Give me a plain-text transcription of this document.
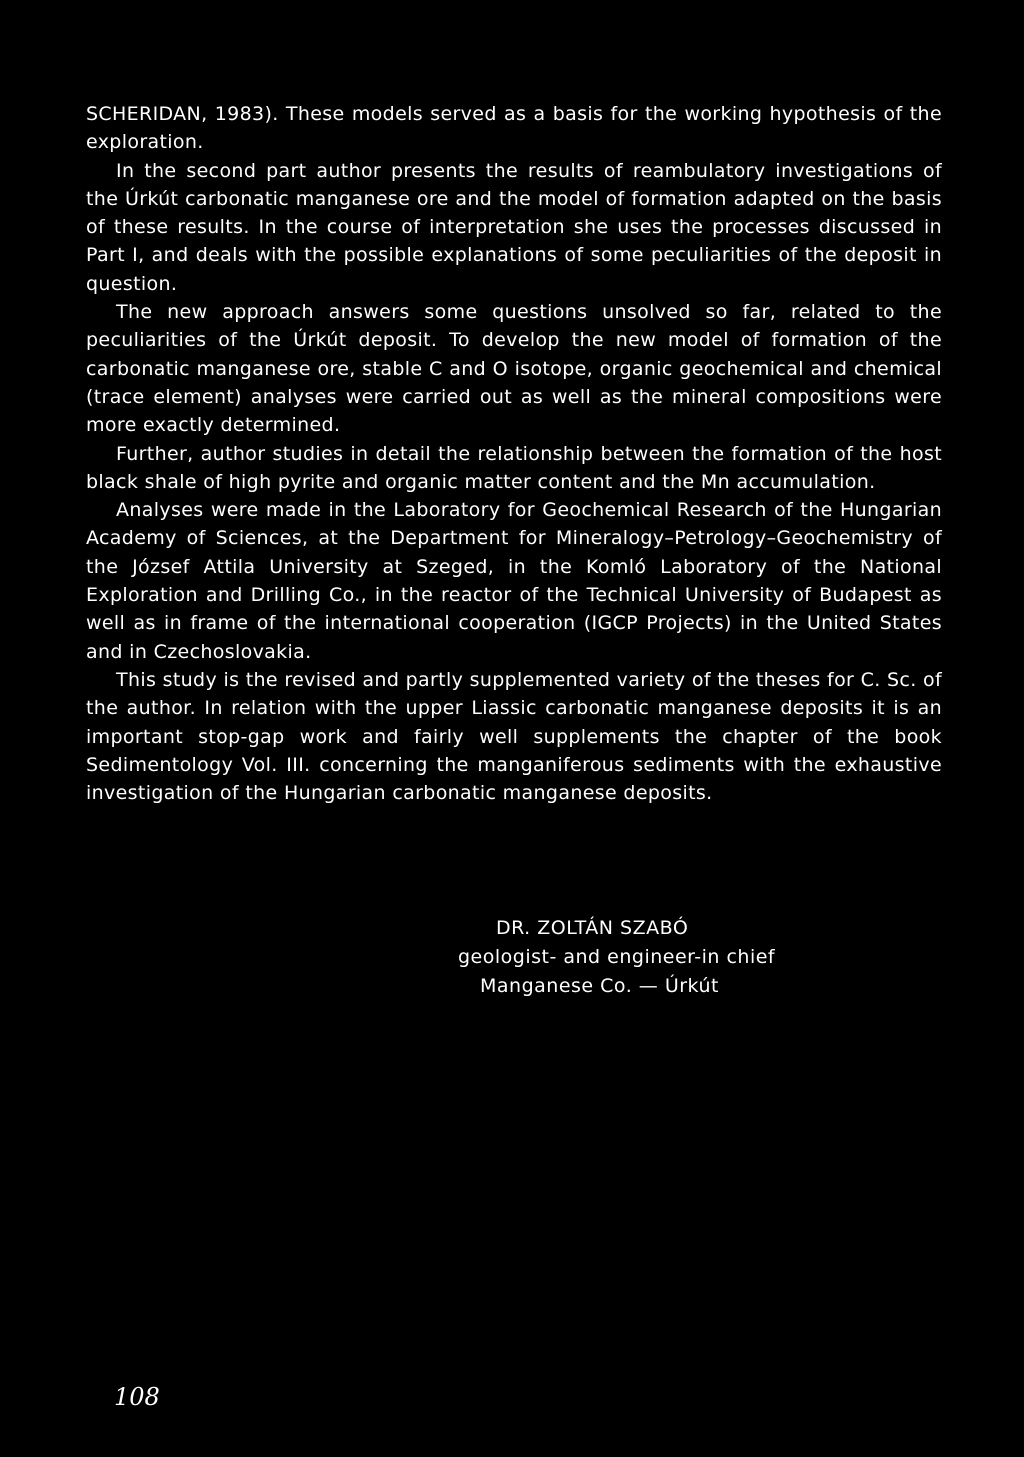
SCHERIDAN, 1983). These models served as a basis for the working hypothesis of the exploration.

In the second part author presents the results of reambulatory investigations of the Úrkút carbonatic manganese ore and the model of formation adapted on the basis of these results. In the course of interpretation she uses the processes discussed in Part I, and deals with the possible explanations of some peculiarities of the deposit in question.

The new approach answers some questions unsolved so far, related to the peculiarities of the Úrkút deposit. To develop the new model of formation of the carbonatic manganese ore, stable C and O isotope, organic geochemical and chemical (trace element) analyses were carried out as well as the mineral compositions were more exactly determined.

Further, author studies in detail the relationship between the formation of the host black shale of high pyrite and organic matter content and the Mn accumulation.

Analyses were made in the Laboratory for Geochemical Research of the Hungarian Academy of Sciences, at the Department for Mineralogy–Petrology–Geochemistry of the József Attila University at Szeged, in the Komló Laboratory of the National Exploration and Drilling Co., in the reactor of the Technical University of Budapest as well as in frame of the international cooperation (IGCP Projects) in the United States and in Czechoslovakia.

This study is the revised and partly supplemented variety of the theses for C. Sc. of the author. In relation with the upper Liassic carbonatic manganese deposits it is an important stop-gap work and fairly well supplements the chapter of the book Sedimentology Vol. III. concerning the manganiferous sediments with the exhaustive investigation of the Hungarian carbonatic manganese deposits.

DR. ZOLTÁN SZABÓ
geologist- and engineer-in chief
Manganese Co. — Úrkút
108
